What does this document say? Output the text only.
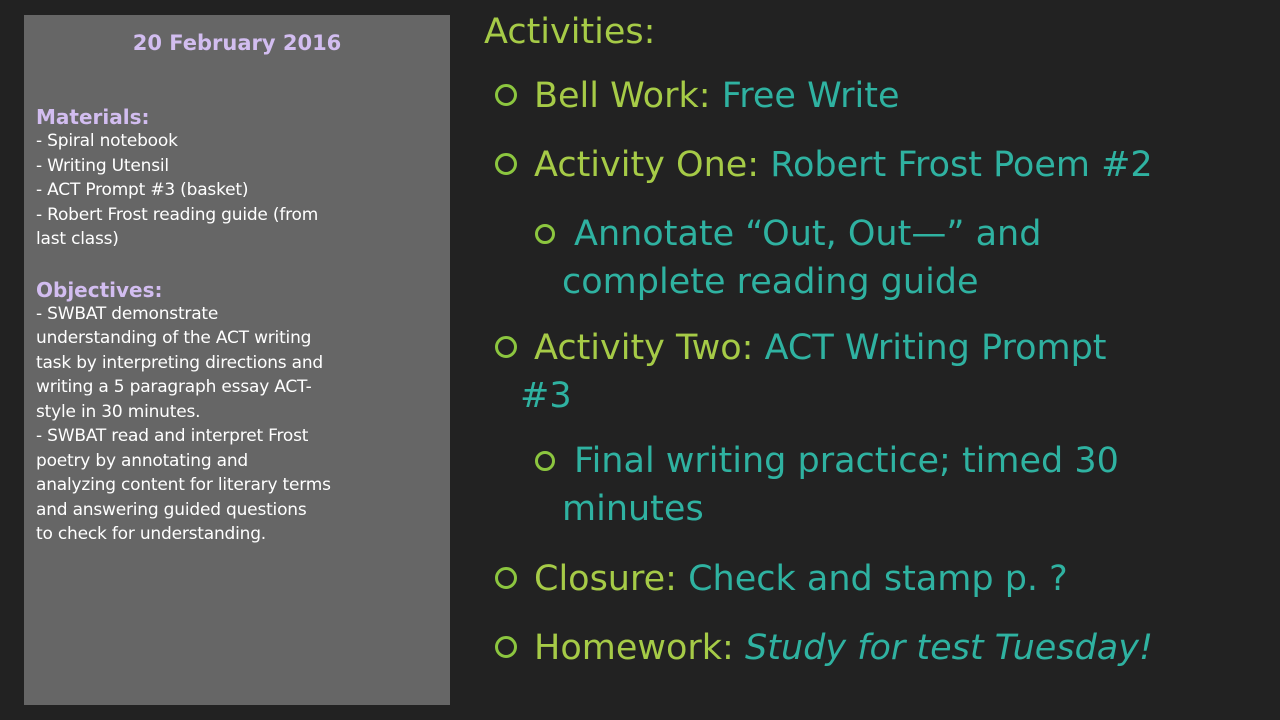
20 February 2016
Materials:
- Spiral notebook
- Writing Utensil
- ACT Prompt #3 (basket)
- Robert Frost reading guide (from
last class)
Objectives:
- SWBAT demonstrate
understanding of the ACT writing
task by interpreting directions and
writing a 5 paragraph essay ACT-
style in 30 minutes.
- SWBAT read and interpret Frost
poetry by annotating and
analyzing content for literary terms
and answering guided questions
to check for understanding.
Activities:
Bell Work: Free Write
Activity One: Robert Frost Poem #2
Annotate “Out, Out—” and
complete reading guide
Activity Two: ACT Writing Prompt
#3
Final writing practice; timed 30
minutes
Closure: Check and stamp p. ?
Homework: Study for test Tuesday!
